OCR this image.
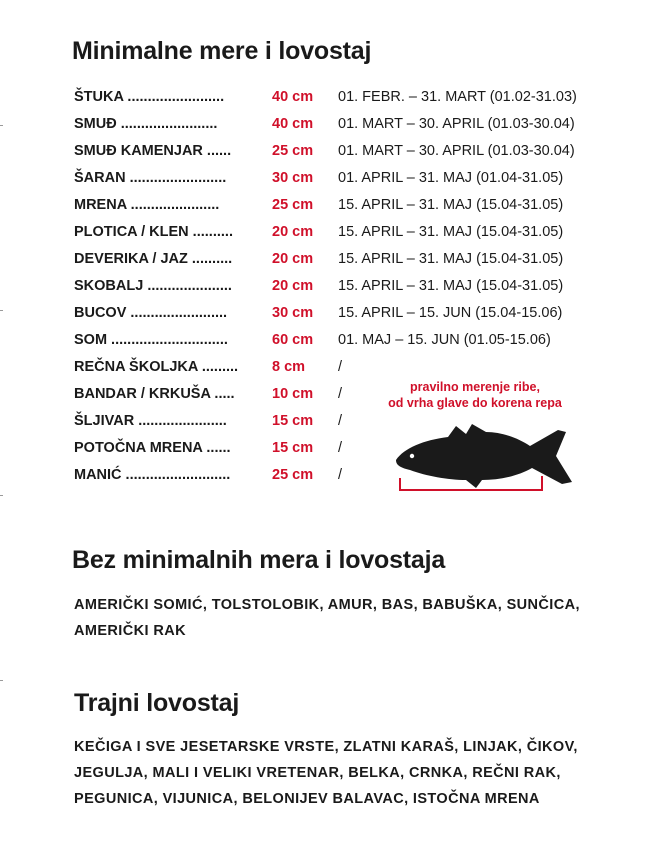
Minimalne mere i lovostaj
ŠTUKA ........................	40 cm 01. FEBR. – 31. MART (01.02-31.03)
SMUĐ ........................	40 cm 01. MART – 30. APRIL (01.03-30.04)
SMUĐ KAMENJAR ......	25 cm 01. MART – 30. APRIL (01.03-30.04)
ŠARAN ........................	30 cm 01. APRIL – 31. MAJ (01.04-31.05)
MRENA ......................	25 cm 15. APRIL – 31. MAJ (15.04-31.05)
PLOTICA / KLEN ..........	20 cm 15. APRIL – 31. MAJ (15.04-31.05)
DEVERIKA / JAZ ..........	20 cm 15. APRIL – 31. MAJ (15.04-31.05)
SKOBALJ .....................	20 cm 15. APRIL – 31. MAJ (15.04-31.05)
BUCOV ........................	30 cm 15. APRIL – 15. JUN (15.04-15.06)
SOM .............................	60 cm 01. MAJ – 15. JUN (01.05-15.06)
REČNA ŠKOLJKA ......... 8 cm /
BANDAR / KRKUŠA .....	10 cm /
ŠLJIVAR ......................	15 cm /
POTOČNA MRENA ......	15 cm /
MANIĆ ..........................	25 cm /
pravilno merenje ribe,
od vrha glave do korena repa
Bez minimalnih mera i lovostaja

AMERIČKI SOMIĆ, TOLSTOLOBIK, AMUR, BAS, BABUŠKA, SUNČICA, AMERIČKI RAK

Trajni lovostaj

KEČIGA I SVE JESETARSKE VRSTE, ZLATNI KARAŠ, LINJAK, ČIKOV, JEGULJA, MALI I VELIKI VRETENAR, BELKA, CRNKA, REČNI RAK, PEGUNICA, VIJUNICA, BELONIJEV BALAVAC, ISTOČNA MRENA
